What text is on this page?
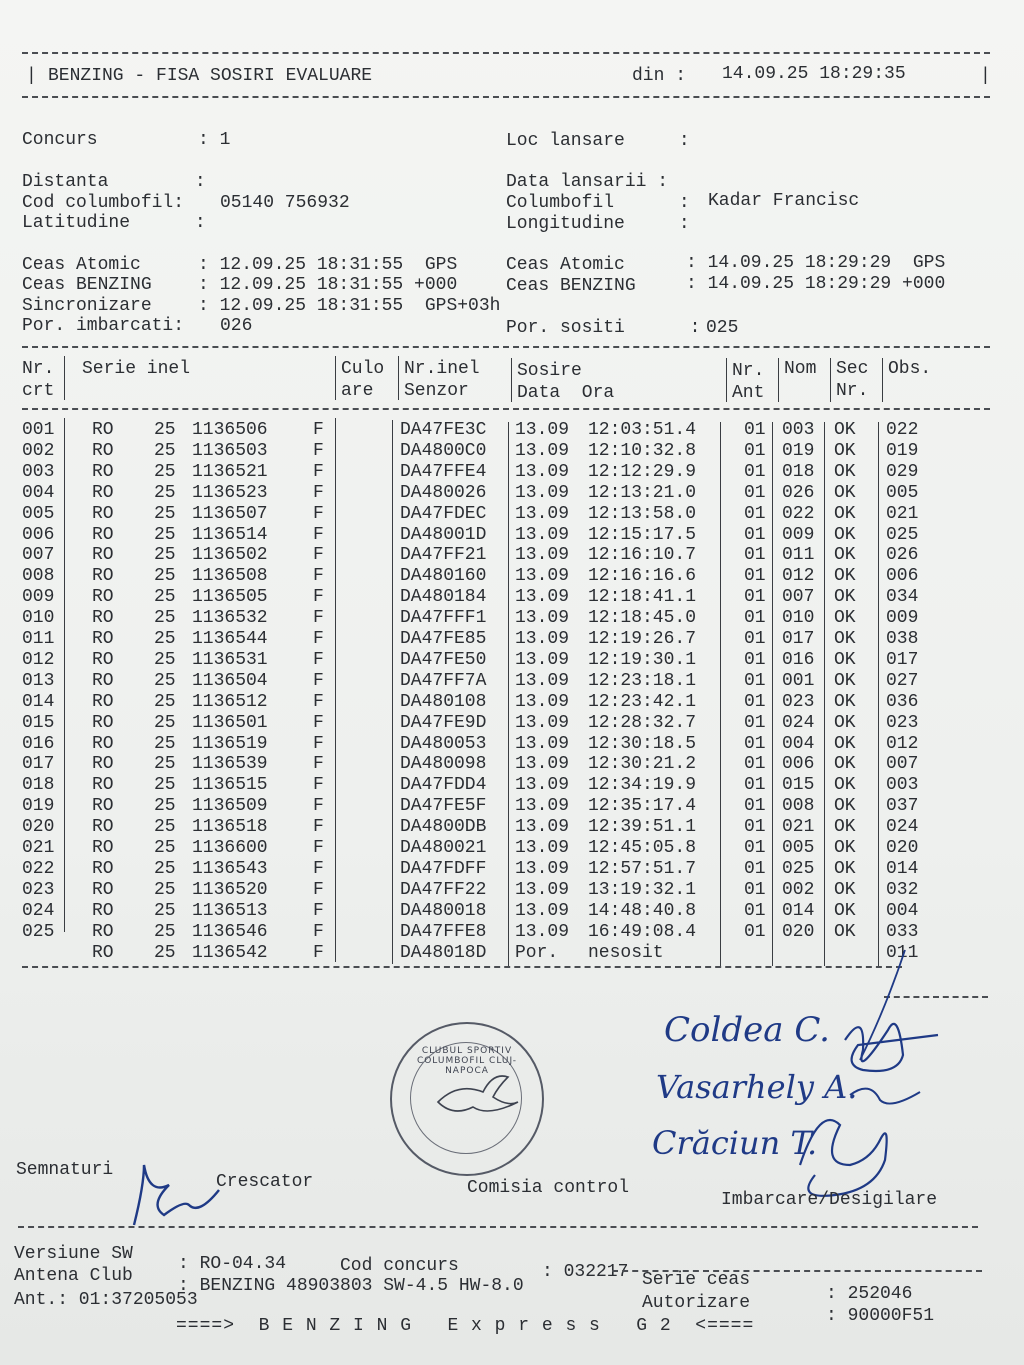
| BENZING - FISA SOSIRI EVALUARE	din : 14.09.25 18:29:35	|
Concurs	: 1
Distanta        :
Cod columbofil: 05140 756932
Latitudine      :
Ceas Atomic	: 12.09.25 18:31:55  GPS
Ceas BENZING	: 12.09.25 18:31:55 +000
Sincronizare	: 12.09.25 18:31:55  GPS+03h
Por. imbarcati: 026
Loc lansare     :
Data lansarii :
Columbofil      : Kadar Francisc
Longitudine     :
Ceas Atomic	: 14.09.25 18:29:29  GPS
Ceas BENZING	: 14.09.25 18:29:29 +000
Por. sositi      : 025
Nr.
crt
Serie inel	Culo
are
Nr.inel
Senzor
Sosire
Data  Ora
Nr.
Ant
Nom Sec
Nr.
Obs.
001 RO 25 1136506	F	DA47FE3C 13.09 12:03:51.4	01 003 OK 022
002 RO 25 1136503	F	DA4800C0 13.09 12:10:32.8	01 019 OK 019
003 RO 25 1136521	F	DA47FFE4 13.09 12:12:29.9	01 018 OK 029
004 RO 25 1136523	F	DA480026 13.09 12:13:21.0	01 026 OK 005
005 RO 25 1136507	F	DA47FDEC 13.09 12:13:58.0	01 022 OK 021
006 RO 25 1136514	F	DA48001D 13.09 12:15:17.5	01 009 OK 025
007 RO 25 1136502	F	DA47FF21 13.09 12:16:10.7	01 011 OK 026
008 RO 25 1136508	F	DA480160 13.09 12:16:16.6	01 012 OK 006
009 RO 25 1136505	F	DA480184 13.09 12:18:41.1	01 007 OK 034
010 RO 25 1136532	F	DA47FFF1 13.09 12:18:45.0	01 010 OK 009
011 RO 25 1136544	F	DA47FE85 13.09 12:19:26.7	01 017 OK 038
012 RO 25 1136531	F	DA47FE50 13.09 12:19:30.1	01 016 OK 017
013 RO 25 1136504	F	DA47FF7A 13.09 12:23:18.1	01 001 OK 027
014 RO 25 1136512	F	DA480108 13.09 12:23:42.1	01 023 OK 036
015 RO 25 1136501	F	DA47FE9D 13.09 12:28:32.7	01 024 OK 023
016 RO 25 1136519	F	DA480053 13.09 12:30:18.5	01 004 OK 012
017 RO 25 1136539	F	DA480098 13.09 12:30:21.2	01 006 OK 007
018 RO 25 1136515	F	DA47FDD4 13.09 12:34:19.9	01 015 OK 003
019 RO 25 1136509	F	DA47FE5F 13.09 12:35:17.4	01 008 OK 037
020 RO 25 1136518	F	DA4800DB 13.09 12:39:51.1	01 021 OK 024
021 RO 25 1136600	F	DA480021 13.09 12:45:05.8	01 005 OK 020
022 RO 25 1136543	F	DA47FDFF 13.09 12:57:51.7	01 025 OK 014
023 RO 25 1136520	F	DA47FF22 13.09 13:19:32.1	01 002 OK 032
024 RO 25 1136513	F	DA480018 13.09 14:48:40.8	01 014 OK 004
025 RO 25 1136546	F	DA47FFE8 13.09 16:49:08.4	01 020 OK 033
RO 25 1136542	F	DA48018D Por. nesosit	011
Coldea C.
Vasarhely A.
Crăciun T.
CLUBUL SPORTIV COLUMBOFIL CLUJ-NAPOCA
Semnaturi
Crescator	Comisia control
Imbarcare/Desigilare
Versiune SW	: RO-04.34	Cod concurs	: 032217
Antena Club	: BENZING 48903803 SW-4.5 HW-8.0
Ant.: 01:37205053
Serie ceas
: 252046
Autorizare
: 90000F51
====>  B E N Z I N G   E x p r e s s   G 2  <====
